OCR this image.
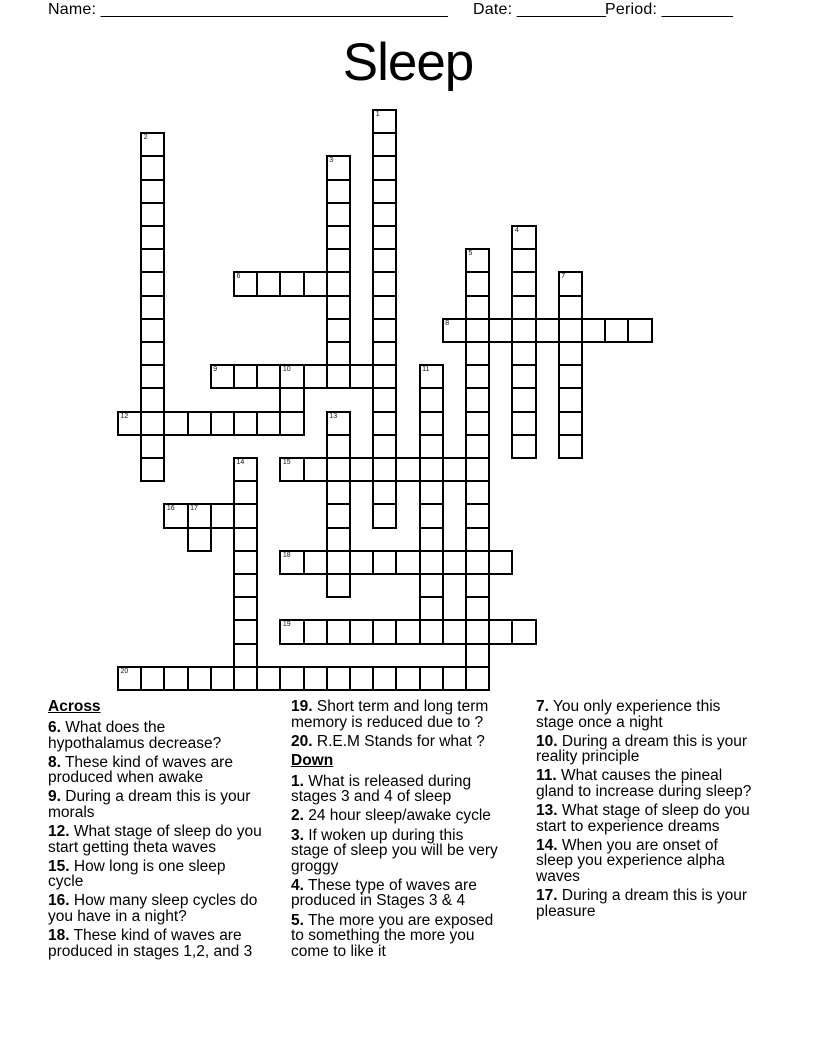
Name: _______________________________________ Date: __________ Period: ________
Sleep
1
2
3
4
5
6	7
8
9	10	11
12	13
14	15
16 17
18
19
20
Across
6. What does the
hypothalamus decrease?
8. These kind of waves are
produced when awake
9. During a dream this is your
morals
12. What stage of sleep do you
start getting theta waves
15. How long is one sleep
cycle
16. How many sleep cycles do
you have in a night?
18. These kind of waves are
produced in stages 1,2, and 3
19. Short term and long term
memory is reduced due to ?
20. R.E.M Stands for what ?
Down
1. What is released during
stages 3 and 4 of sleep
2. 24 hour sleep/awake cycle
3. If woken up during this
stage of sleep you will be very
groggy
4. These type of waves are
produced in Stages 3 & 4
5. The more you are exposed
to something the more you
come to like it
7. You only experience this
stage once a night
10. During a dream this is your
reality principle
11. What causes the pineal
gland to increase during sleep?
13. What stage of sleep do you
start to experience dreams
14. When you are onset of
sleep you experience alpha
waves
17. During a dream this is your
pleasure
